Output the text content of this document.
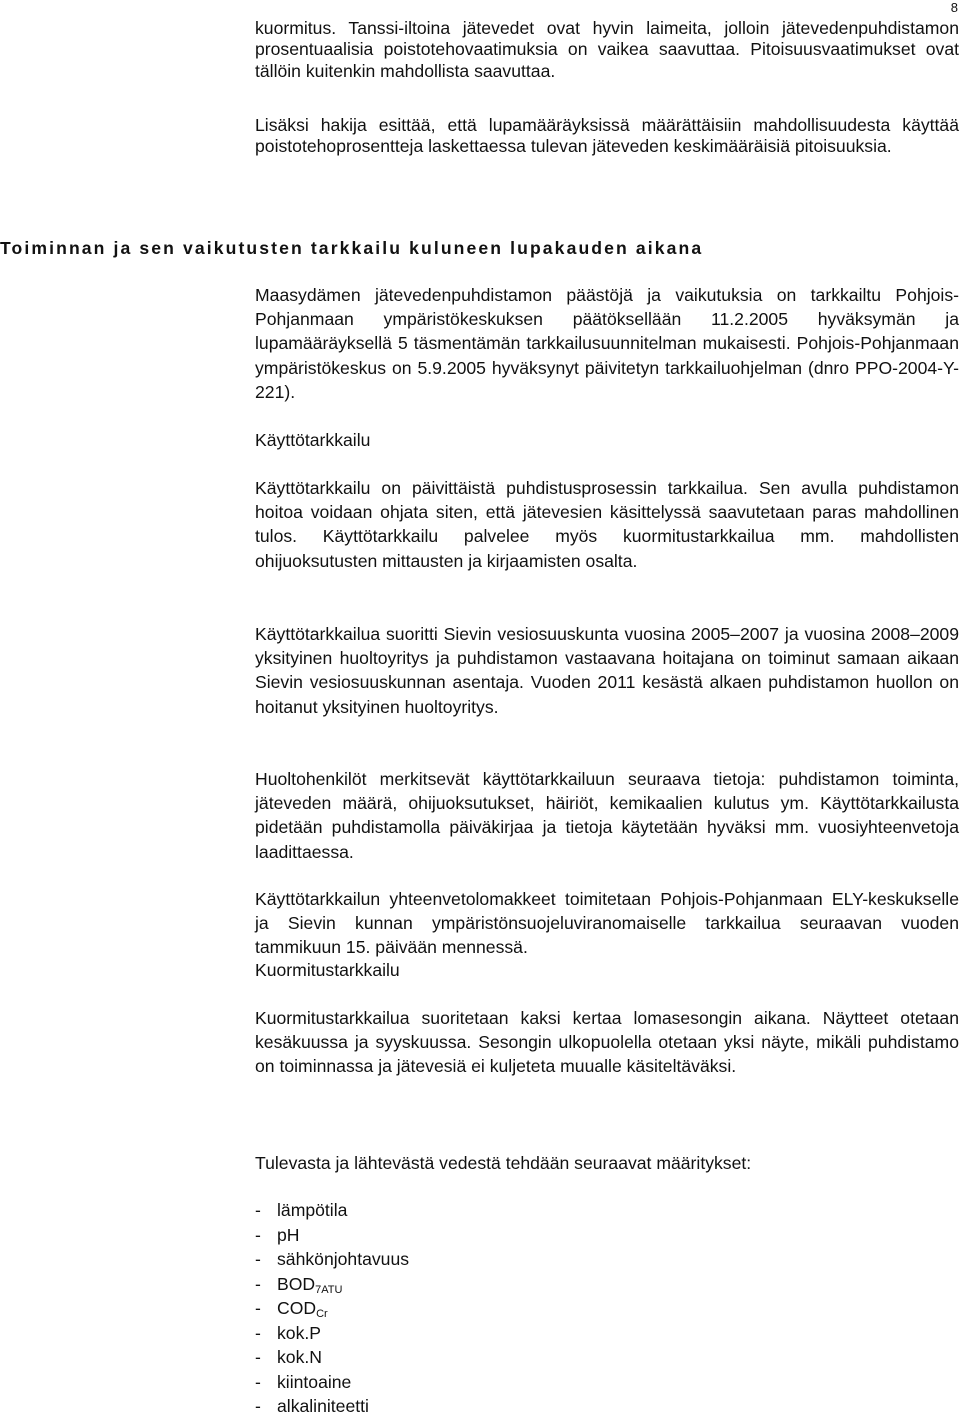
8

kuormitus. Tanssi-iltoina jätevedet ovat hyvin laimeita, jolloin jätevedenpuhdistamon prosentuaalisia poistotehovaatimuksia on vaikea saavuttaa. Pitoisuusvaatimukset ovat tällöin kuitenkin mahdollista saavuttaa.

Lisäksi hakija esittää, että lupamääräyksissä määrättäisiin mahdollisuudesta käyttää poistotehoprosentteja laskettaessa tulevan jäteveden keskimääräisiä pitoisuuksia.

Toiminnan ja sen vaikutusten tarkkailu kuluneen lupakauden aikana

Maasydämen jätevedenpuhdistamon päästöjä ja vaikutuksia on tarkkailtu Pohjois-Pohjanmaan ympäristökeskuksen päätöksellään 11.2.2005 hyväksymän ja lupamääräyksellä 5 täsmentämän tarkkailusuunnitelman mukaisesti. Pohjois-Pohjanmaan ympäristökeskus on 5.9.2005 hyväksynyt päivitetyn tarkkailuohjelman (dnro PPO-2004-Y-221).

Käyttötarkkailu

Käyttötarkkailu on päivittäistä puhdistusprosessin tarkkailua. Sen avulla puhdistamon hoitoa voidaan ohjata siten, että jätevesien käsittelyssä saavutetaan paras mahdollinen tulos. Käyttötarkkailu palvelee myös kuormitustarkkailua mm. mahdollisten ohijuoksutusten mittausten ja kirjaamisten osalta.

Käyttötarkkailua suoritti Sievin vesiosuuskunta vuosina 2005–2007 ja vuosina 2008–2009 yksityinen huoltoyritys ja puhdistamon vastaavana hoitajana on toiminut samaan aikaan Sievin vesiosuuskunnan asentaja. Vuoden 2011 kesästä alkaen puhdistamon huollon on hoitanut yksityinen huoltoyritys.

Huoltohenkilöt merkitsevät käyttötarkkailuun seuraava tietoja: puhdistamon toiminta, jäteveden määrä, ohijuoksutukset, häiriöt, kemikaalien kulutus ym. Käyttötarkkailusta pidetään puhdistamolla päiväkirjaa ja tietoja käytetään hyväksi mm. vuosiyhteenvetoja laadittaessa.

Käyttötarkkailun yhteenvetolomakkeet toimitetaan Pohjois-Pohjanmaan ELY-keskukselle ja Sievin kunnan ympäristönsuojeluviranomaiselle tarkkailua seuraavan vuoden tammikuun 15. päivään mennessä.

Kuormitustarkkailu

Kuormitustarkkailua suoritetaan kaksi kertaa lomasesongin aikana. Näytteet otetaan kesäkuussa ja syyskuussa. Sesongin ulkopuolella otetaan yksi näyte, mikäli puhdistamo on toiminnassa ja jätevesiä ei kuljeteta muualle käsiteltäväksi.

Tulevasta ja lähtevästä vedestä tehdään seuraavat määritykset:

- lämpötila
- pH
- sähkönjohtavuus
- $BOD_{7ATU}$
- $COD_{Cr}$
- kok.P
- kok.N
- kiintoaine
- alkaliniteetti
